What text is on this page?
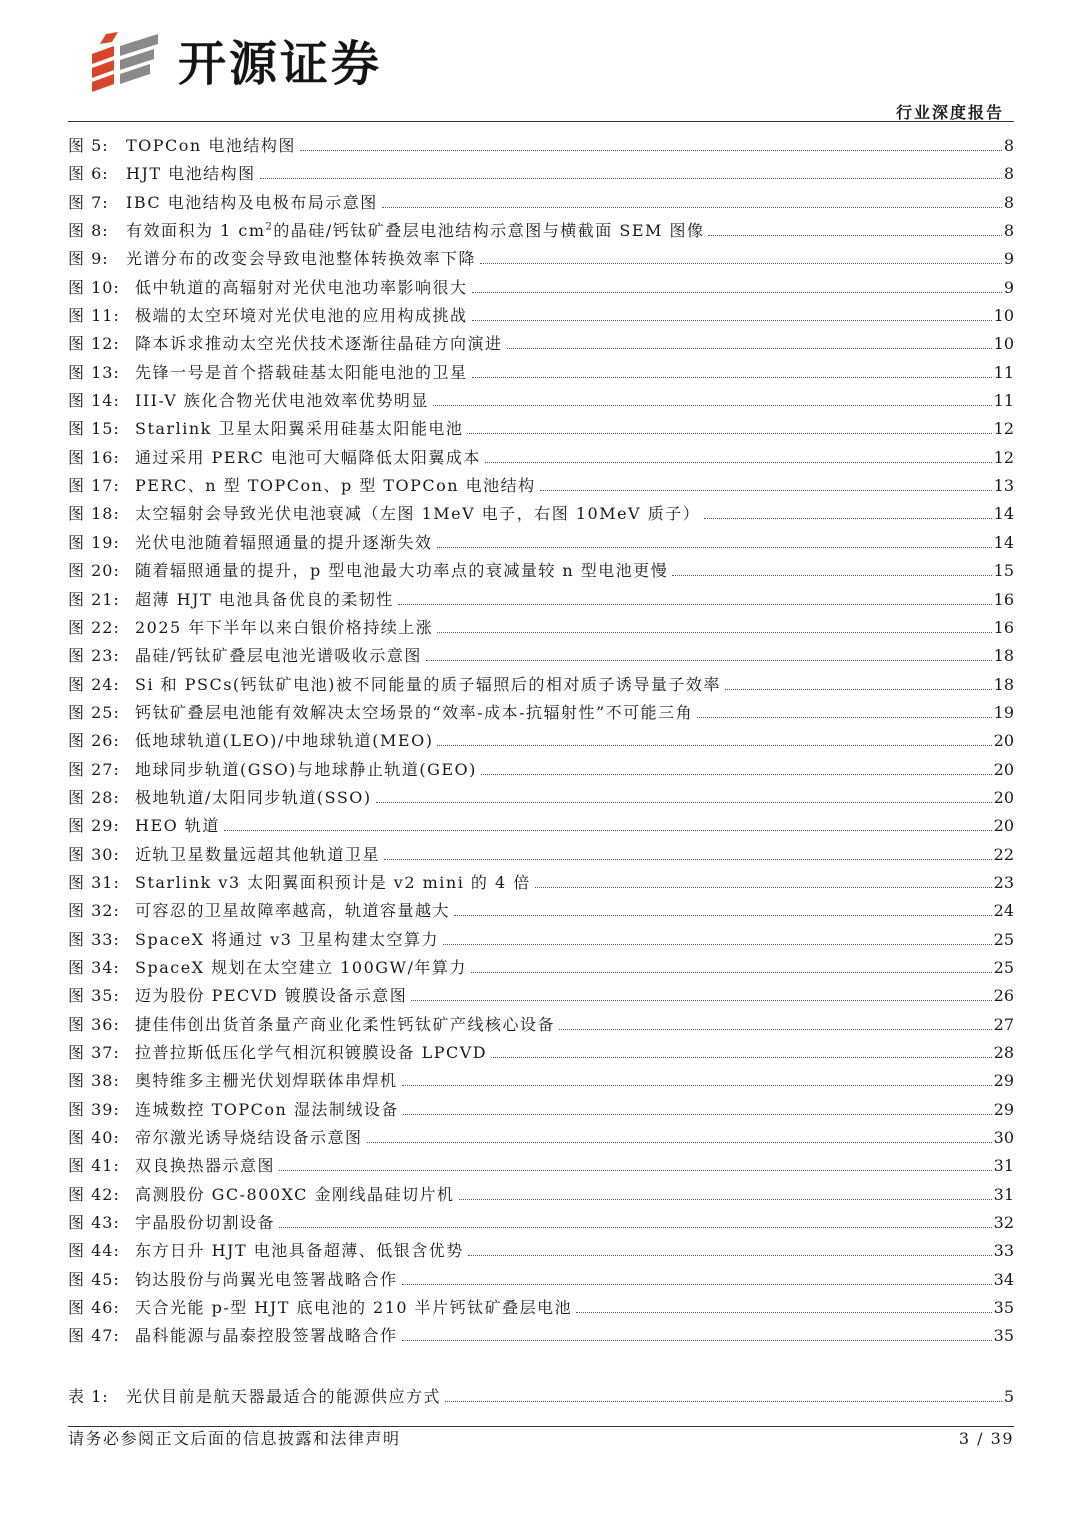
开源证券
行业深度报告
图 5:	TOPCon 电池结构图	8
图 6:	HJT 电池结构图	8
图 7:	IBC 电池结构及电极布局示意图	8
图 8:	有效面积为 1 $cm^2$的晶硅/钙钛矿叠层电池结构示意图与横截面 SEM 图像	8
图 9:	光谱分布的改变会导致电池整体转换效率下降	9
图 10: 低中轨道的高辐射对光伏电池功率影响很大	9
图 11: 极端的太空环境对光伏电池的应用构成挑战	10
图 12: 降本诉求推动太空光伏技术逐渐往晶硅方向演进	10
图 13: 先锋一号是首个搭载硅基太阳能电池的卫星	11
图 14: III-V 族化合物光伏电池效率优势明显	11
图 15: Starlink 卫星太阳翼采用硅基太阳能电池	12
图 16: 通过采用 PERC 电池可大幅降低太阳翼成本	12
图 17: PERC、n 型 TOPCon、p 型 TOPCon 电池结构	13
图 18: 太空辐射会导致光伏电池衰减（左图 1MeV 电子，右图 10MeV 质子）	14
图 19: 光伏电池随着辐照通量的提升逐渐失效	14
图 20: 随着辐照通量的提升，p 型电池最大功率点的衰减量较 n 型电池更慢	15
图 21: 超薄 HJT 电池具备优良的柔韧性	16
图 22: 2025 年下半年以来白银价格持续上涨	16
图 23: 晶硅/钙钛矿叠层电池光谱吸收示意图	18
图 24: Si 和 PSCs(钙钛矿电池)被不同能量的质子辐照后的相对质子诱导量子效率	18
图 25: 钙钛矿叠层电池能有效解决太空场景的“效率-成本-抗辐射性”不可能三角	19
图 26: 低地球轨道(LEO)/中地球轨道(MEO)	20
图 27: 地球同步轨道(GSO)与地球静止轨道(GEO)	20
图 28: 极地轨道/太阳同步轨道(SSO)	20
图 29: HEO 轨道	20
图 30: 近轨卫星数量远超其他轨道卫星	22
图 31: Starlink v3 太阳翼面积预计是 v2 mini 的 4 倍	23
图 32: 可容忍的卫星故障率越高，轨道容量越大	24
图 33: SpaceX 将通过 v3 卫星构建太空算力	25
图 34: SpaceX 规划在太空建立 100GW/年算力	25
图 35: 迈为股份 PECVD 镀膜设备示意图	26
图 36: 捷佳伟创出货首条量产商业化柔性钙钛矿产线核心设备	27
图 37: 拉普拉斯低压化学气相沉积镀膜设备 LPCVD	28
图 38: 奥特维多主栅光伏划焊联体串焊机	29
图 39: 连城数控 TOPCon 湿法制绒设备	29
图 40: 帝尔激光诱导烧结设备示意图	30
图 41: 双良换热器示意图	31
图 42: 高测股份 GC-800XC 金刚线晶硅切片机	31
图 43: 宇晶股份切割设备	32
图 44: 东方日升 HJT 电池具备超薄、低银含优势	33
图 45: 钧达股份与尚翼光电签署战略合作	34
图 46: 天合光能 p-型 HJT 底电池的 210 半片钙钛矿叠层电池	35
图 47: 晶科能源与晶泰控股签署战略合作	35
表 1:	光伏目前是航天器最适合的能源供应方式	5
请务必参阅正文后面的信息披露和法律声明	3 / 39
